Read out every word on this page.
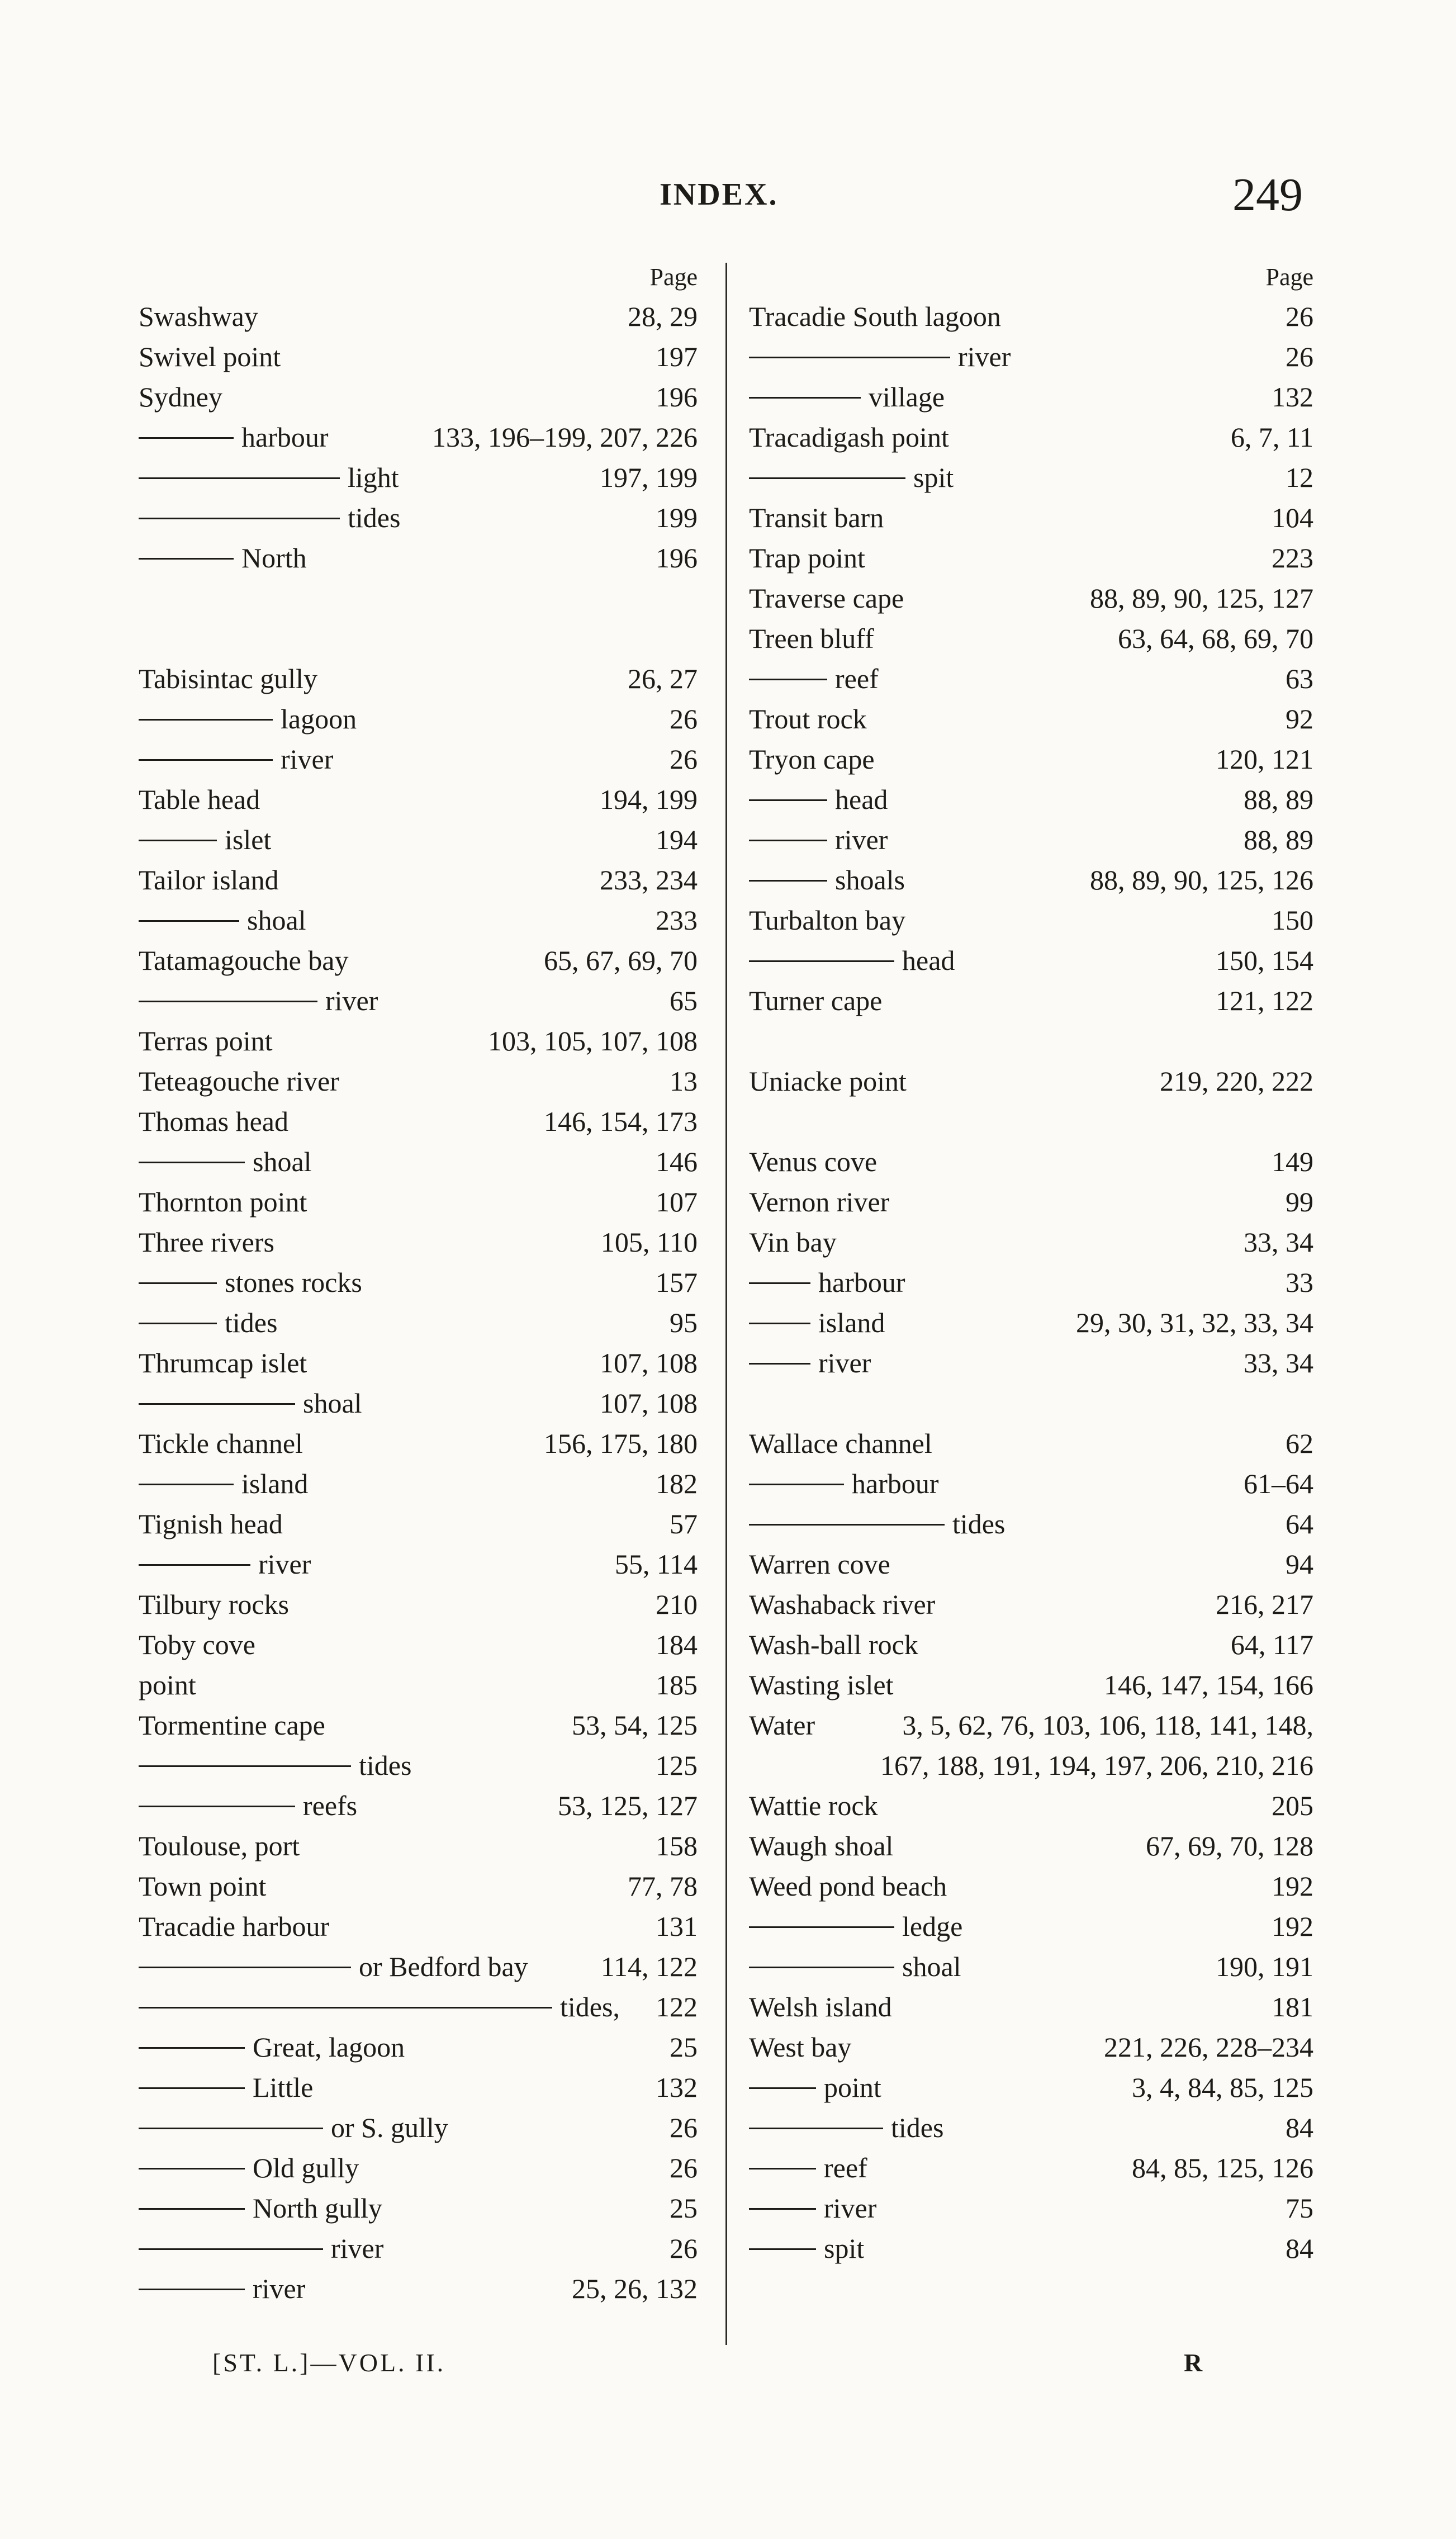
INDEX.	249
Page
Swashway	28, 29
Swivel point	197
Sydney	196
harbour	133, 196–199, 207, 226
light	197, 199
tides	199
North	196
Tabisintac gully	26, 27
lagoon	26
river	26
Table head	194, 199
islet	194
Tailor island	233, 234
shoal	233
Tatamagouche bay	65, 67, 69, 70
river	65
Terras point	103, 105, 107, 108
Teteagouche river	13
Thomas head	146, 154, 173
shoal	146
Thornton point	107
Three rivers	105, 110
stones rocks	157
tides	95
Thrumcap islet	107, 108
shoal	107, 108
Tickle channel	156, 175, 180
island	182
Tignish head	57
river	55, 114
Tilbury rocks	210
Toby cove	184
point	185
Tormentine cape	53, 54, 125
tides	125
reefs	53, 125, 127
Toulouse, port	158
Town point	77, 78
Tracadie harbour	131
or Bedford bay	114, 122
tides, 122
Great, lagoon	25
Little	132
or S. gully	26
Old gully	26
North gully	25
river	26
river	25, 26, 132
Page
Tracadie South lagoon	26
river	26
village	132
Tracadigash point	6, 7, 11
spit	12
Transit barn	104
Trap point	223
Traverse cape	88, 89, 90, 125, 127
Treen bluff	63, 64, 68, 69, 70
reef	63
Trout rock	92
Tryon cape	120, 121
head	88, 89
river	88, 89
shoals	88, 89, 90, 125, 126
Turbalton bay	150
head	150, 154
Turner cape	121, 122
Uniacke point	219, 220, 222
Venus cove	149
Vernon river	99
Vin bay	33, 34
harbour	33
island	29, 30, 31, 32, 33, 34
river	33, 34
Wallace channel	62
harbour	61–64
tides	64
Warren cove	94
Washaback river	216, 217
Wash-ball rock	64, 117
Wasting islet	146, 147, 154, 166
Water	3, 5, 62, 76, 103, 106, 118, 141, 148,
167, 188, 191, 194, 197, 206, 210, 216
Wattie rock	205
Waugh shoal	67, 69, 70, 128
Weed pond beach	192
ledge	192
shoal	190, 191
Welsh island	181
West bay	221, 226, 228–234
point	3, 4, 84, 85, 125
tides	84
reef	84, 85, 125, 126
river	75
spit	84
[ST. L.]—VOL. II.	R
